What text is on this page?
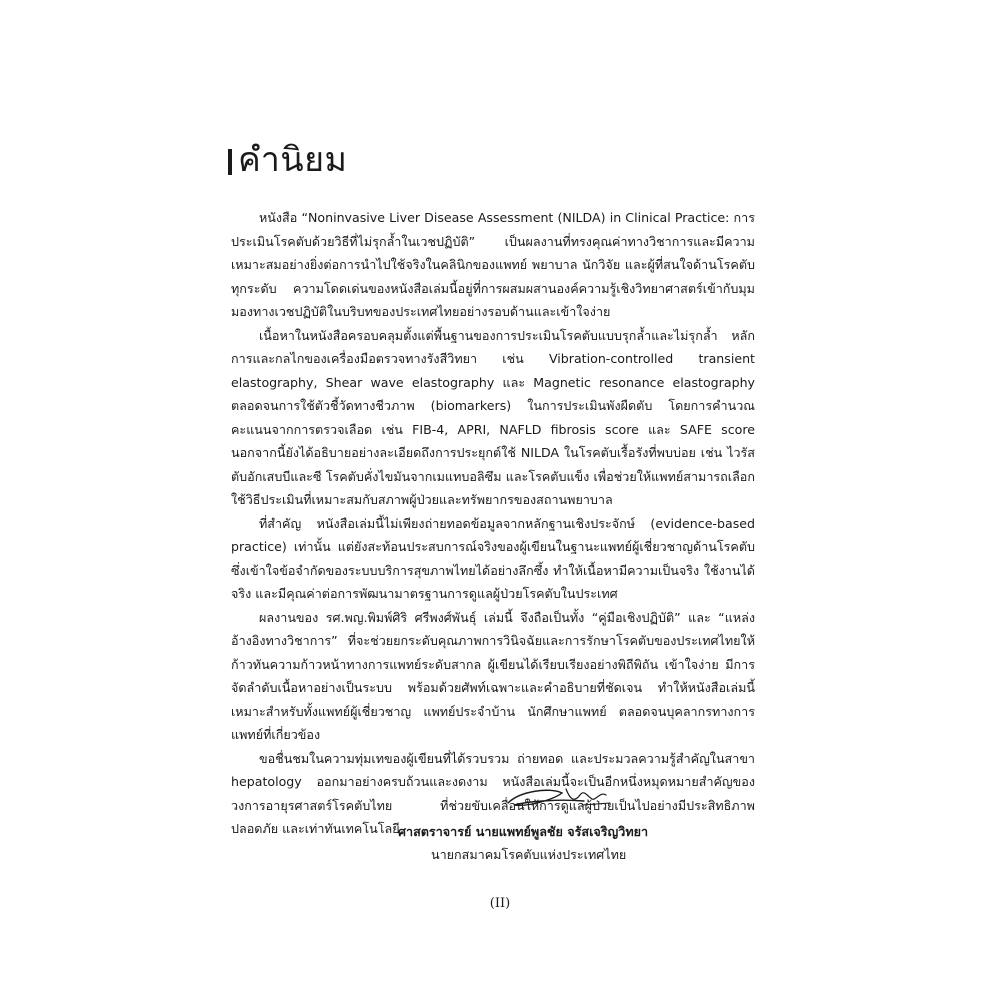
คำนิยม

หนังสือ “Noninvasive Liver Disease Assessment (NILDA) in Clinical Practice: การประเมินโรคตับด้วยวิธีที่ไม่รุกล้ำในเวชปฏิบัติ” เป็นผลงานที่ทรงคุณค่าทางวิชาการและมีความเหมาะสมอย่างยิ่งต่อการนำไปใช้จริงในคลินิกของแพทย์ พยาบาล นักวิจัย และผู้ที่สนใจด้านโรคตับทุกระดับ ความโดดเด่นของหนังสือเล่มนี้อยู่ที่การผสมผสานองค์ความรู้เชิงวิทยาศาสตร์เข้ากับมุมมองทางเวชปฏิบัติในบริบทของประเทศไทยอย่างรอบด้านและเข้าใจง่าย

เนื้อหาในหนังสือครอบคลุมตั้งแต่พื้นฐานของการประเมินโรคตับแบบรุกล้ำและไม่รุกล้ำ หลักการและกลไกของเครื่องมือตรวจทางรังสีวิทยา เช่น Vibration-controlled transient elastography, Shear wave elastography และ Magnetic resonance elastography ตลอดจนการใช้ตัวชี้วัดทางชีวภาพ (biomarkers) ในการประเมินพังผืดตับ โดยการคำนวณคะแนนจากการตรวจเลือด เช่น FIB-4, APRI, NAFLD fibrosis score และ SAFE score นอกจากนี้ยังได้อธิบายอย่างละเอียดถึงการประยุกต์ใช้ NILDA ในโรคตับเรื้อรังที่พบบ่อย เช่น ไวรัสตับอักเสบบีและซี โรคตับคั่งไขมันจากเมแทบอลิซึม และโรคตับแข็ง เพื่อช่วยให้แพทย์สามารถเลือกใช้วิธีประเมินที่เหมาะสมกับสภาพผู้ป่วยและทรัพยากรของสถานพยาบาล

ที่สำคัญ หนังสือเล่มนี้ไม่เพียงถ่ายทอดข้อมูลจากหลักฐานเชิงประจักษ์ (evidence-based practice) เท่านั้น แต่ยังสะท้อนประสบการณ์จริงของผู้เขียนในฐานะแพทย์ผู้เชี่ยวชาญด้านโรคตับซึ่งเข้าใจข้อจำกัดของระบบบริการสุขภาพไทยได้อย่างลึกซึ้ง ทำให้เนื้อหามีความเป็นจริง ใช้งานได้จริง และมีคุณค่าต่อการพัฒนามาตรฐานการดูแลผู้ป่วยโรคตับในประเทศ

ผลงานของ รศ.พญ.พิมพ์ศิริ ศรีพงศ์พันธุ์ เล่มนี้ จึงถือเป็นทั้ง “คู่มือเชิงปฏิบัติ” และ “แหล่งอ้างอิงทางวิชาการ” ที่จะช่วยยกระดับคุณภาพการวินิจฉัยและการรักษาโรคตับของประเทศไทยให้ก้าวทันความก้าวหน้าทางการแพทย์ระดับสากล ผู้เขียนได้เรียบเรียงอย่างพิถีพิถัน เข้าใจง่าย มีการจัดลำดับเนื้อหาอย่างเป็นระบบ พร้อมด้วยศัพท์เฉพาะและคำอธิบายที่ชัดเจน ทำให้หนังสือเล่มนี้เหมาะสำหรับทั้งแพทย์ผู้เชี่ยวชาญ แพทย์ประจำบ้าน นักศึกษาแพทย์ ตลอดจนบุคลากรทางการแพทย์ที่เกี่ยวข้อง

ขอชื่นชมในความทุ่มเทของผู้เขียนที่ได้รวบรวม ถ่ายทอด และประมวลความรู้สำคัญในสาขา hepatology ออกมาอย่างครบถ้วนและงดงาม หนังสือเล่มนี้จะเป็นอีกหนึ่งหมุดหมายสำคัญของวงการอายุรศาสตร์โรคตับไทย ที่ช่วยขับเคลื่อนให้การดูแลผู้ป่วยเป็นไปอย่างมีประสิทธิภาพ ปลอดภัย และเท่าทันเทคโนโลยี

ศาสตราจารย์ นายแพทย์พูลชัย จรัสเจริญวิทยา
นายกสมาคมโรคตับแห่งประเทศไทย
(II)
